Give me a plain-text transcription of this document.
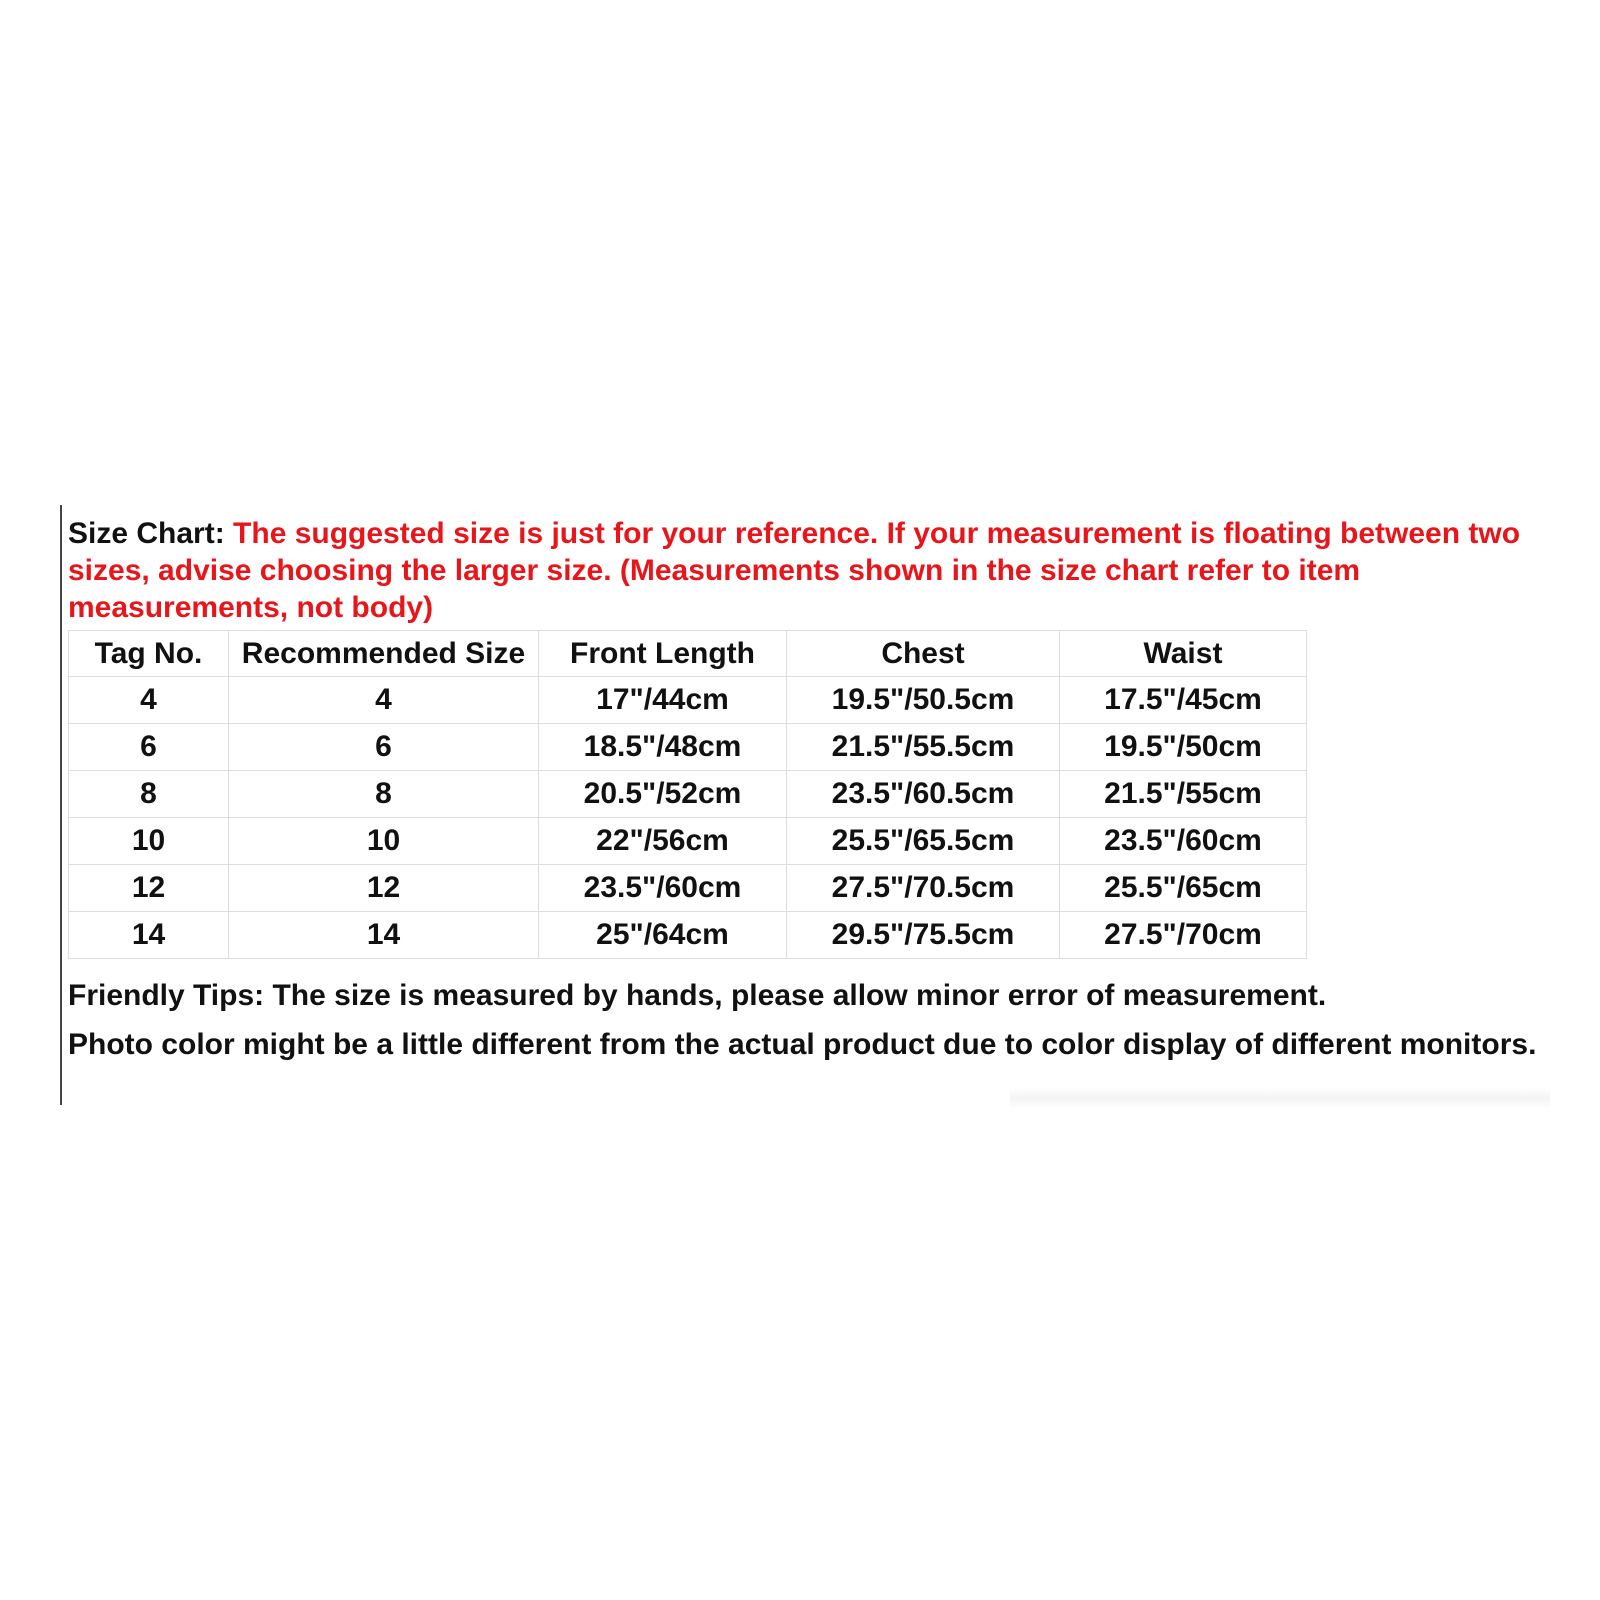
Size Chart: The suggested size is just for your reference. If your measurement is floating between two sizes, advise choosing the larger size. (Measurements shown in the size chart refer to item measurements, not body)

Tag No.	Recommended Size	Front Length	Chest	Waist
4	4	17"/44cm	19.5"/50.5cm	17.5"/45cm
6	6	18.5"/48cm	21.5"/55.5cm	19.5"/50cm
8	8	20.5"/52cm	23.5"/60.5cm	21.5"/55cm
10	10	22"/56cm	25.5"/65.5cm	23.5"/60cm
12	12	23.5"/60cm	27.5"/70.5cm	25.5"/65cm
14	14	25"/64cm	29.5"/75.5cm	27.5"/70cm

Friendly Tips: The size is measured by hands, please allow minor error of measurement.

Photo color might be a little different from the actual product due to color display of different monitors.
